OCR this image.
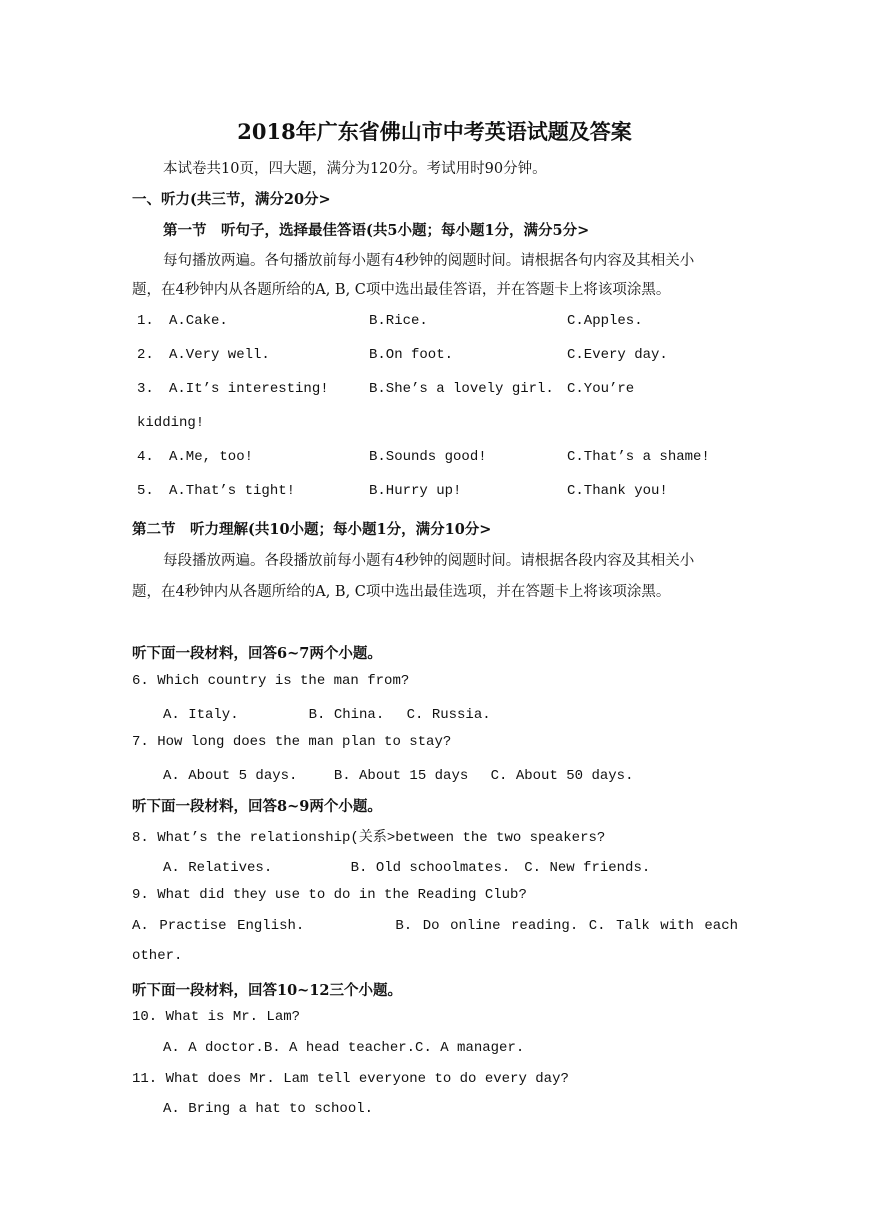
2018年广东省佛山市中考英语试题及答案
本试卷共10页，四大题，满分为120分。考试用时90分钟。
一、听力(共三节，满分20分>
第一节　听句子，选择最佳答语(共5小题；每小题1分，满分5分>
每句播放两遍。各句播放前每小题有4秒钟的阅题时间。请根据各句内容及其相关小
题，在4秒钟内从各题所给的A, B, C项中选出最佳答语，并在答题卡上将该项涂黑。
1. A.Cake.	B.Rice.	C.Apples.
2. A.Very well.	B.On foot.	C.Every day.
3. A.It’s interesting!	B.She’s a lovely girl. C.You’re
kidding!
4. A.Me, too!	B.Sounds good!	C.That’s a shame!
5. A.That’s tight!	B.Hurry up!	C.Thank you!
第二节　听力理解(共10小题；每小题1分，满分10分>
每段播放两遍。各段播放前每小题有4秒钟的阅题时间。请根据各段内容及其相关小
题，在4秒钟内从各题所给的A, B, C项中选出最佳选项，并在答题卡上将该项涂黑。
听下面一段材料，回答6~7两个小题。
6. Which country is the man from?
A. Italy.　　　　　B. China.　 C. Russia.
7. How long does the man plan to stay?
A. About 5 days.　　 B. About 15 days　 C. About 50 days.
听下面一段材料，回答8~9两个小题。
8. What’s the relationship(关系>between the two speakers?
A. Relatives.　　　　　 B. Old schoolmates.　C. New friends.
9. What did they use to do in the Reading Club?
A. Practise English.	B. Do online reading. C. Talk with each
other.
听下面一段材料，回答10~12三个小题。
10. What is Mr. Lam?
A. A doctor.B. A head teacher.C. A manager.
11. What does Mr. Lam tell everyone to do every day?
A. Bring a hat to school.
